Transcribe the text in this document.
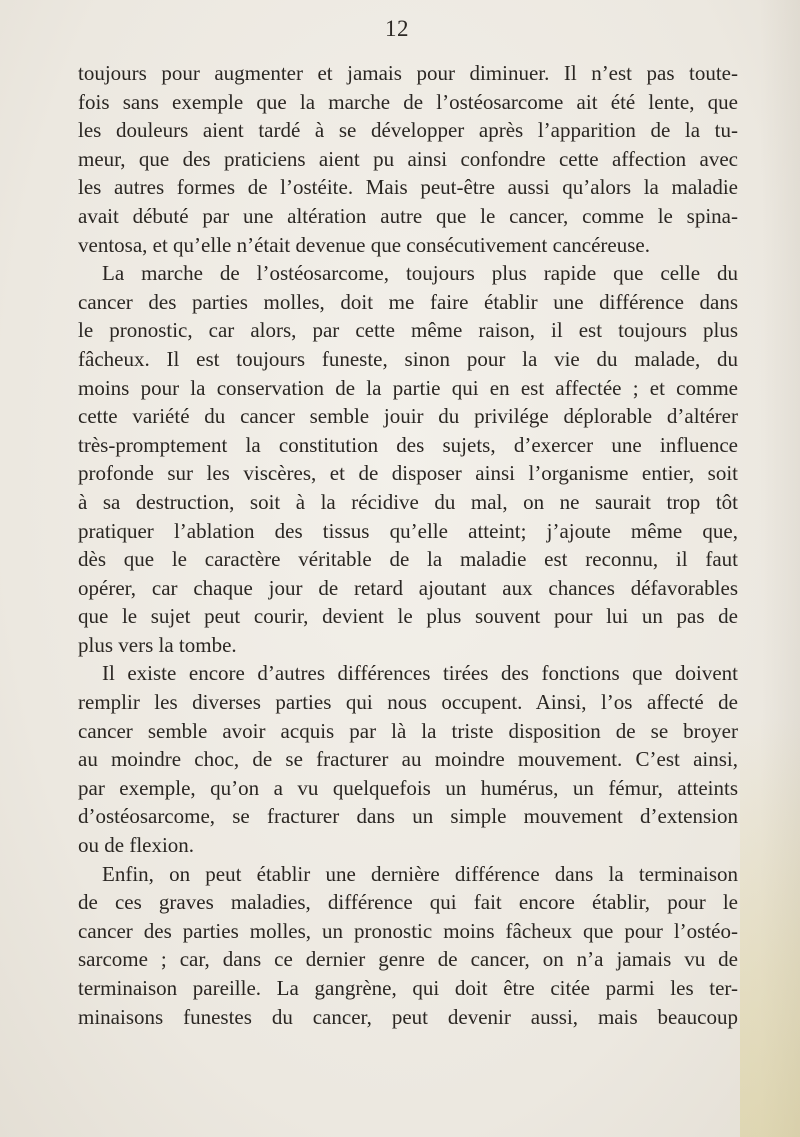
12
toujours pour augmenter et jamais pour diminuer. Il n’est pas toute-
fois sans exemple que la marche de l’ostéosarcome ait été lente, que
les douleurs aient tardé à se développer après l’apparition de la tu-
meur, que des praticiens aient pu ainsi confondre cette affection avec
les autres formes de l’ostéite. Mais peut-être aussi qu’alors la maladie
avait débuté par une altération autre que le cancer, comme le spina-
ventosa, et qu’elle n’était devenue que consécutivement cancéreuse.
La marche de l’ostéosarcome, toujours plus rapide que celle du
cancer des parties molles, doit me faire établir une différence dans
le pronostic, car alors, par cette même raison, il est toujours plus
fâcheux. Il est toujours funeste, sinon pour la vie du malade, du
moins pour la conservation de la partie qui en est affectée ; et comme
cette variété du cancer semble jouir du privilége déplorable d’altérer
très-promptement la constitution des sujets, d’exercer une influence
profonde sur les viscères, et de disposer ainsi l’organisme entier, soit
à sa destruction, soit à la récidive du mal, on ne saurait trop tôt
pratiquer l’ablation des tissus qu’elle atteint; j’ajoute même que,
dès que le caractère véritable de la maladie est reconnu, il faut
opérer, car chaque jour de retard ajoutant aux chances défavorables
que le sujet peut courir, devient le plus souvent pour lui un pas de
plus vers la tombe.
Il existe encore d’autres différences tirées des fonctions que doivent
remplir les diverses parties qui nous occupent. Ainsi, l’os affecté de
cancer semble avoir acquis par là la triste disposition de se broyer
au moindre choc, de se fracturer au moindre mouvement. C’est ainsi,
par exemple, qu’on a vu quelquefois un humérus, un fémur, atteints
d’ostéosarcome, se fracturer dans un simple mouvement d’extension
ou de flexion.
Enfin, on peut établir une dernière différence dans la terminaison
de ces graves maladies, différence qui fait encore établir, pour le
cancer des parties molles, un pronostic moins fâcheux que pour l’ostéo-
sarcome ; car, dans ce dernier genre de cancer, on n’a jamais vu de
terminaison pareille. La gangrène, qui doit être citée parmi les ter-
minaisons funestes du cancer, peut devenir aussi, mais beaucoup
